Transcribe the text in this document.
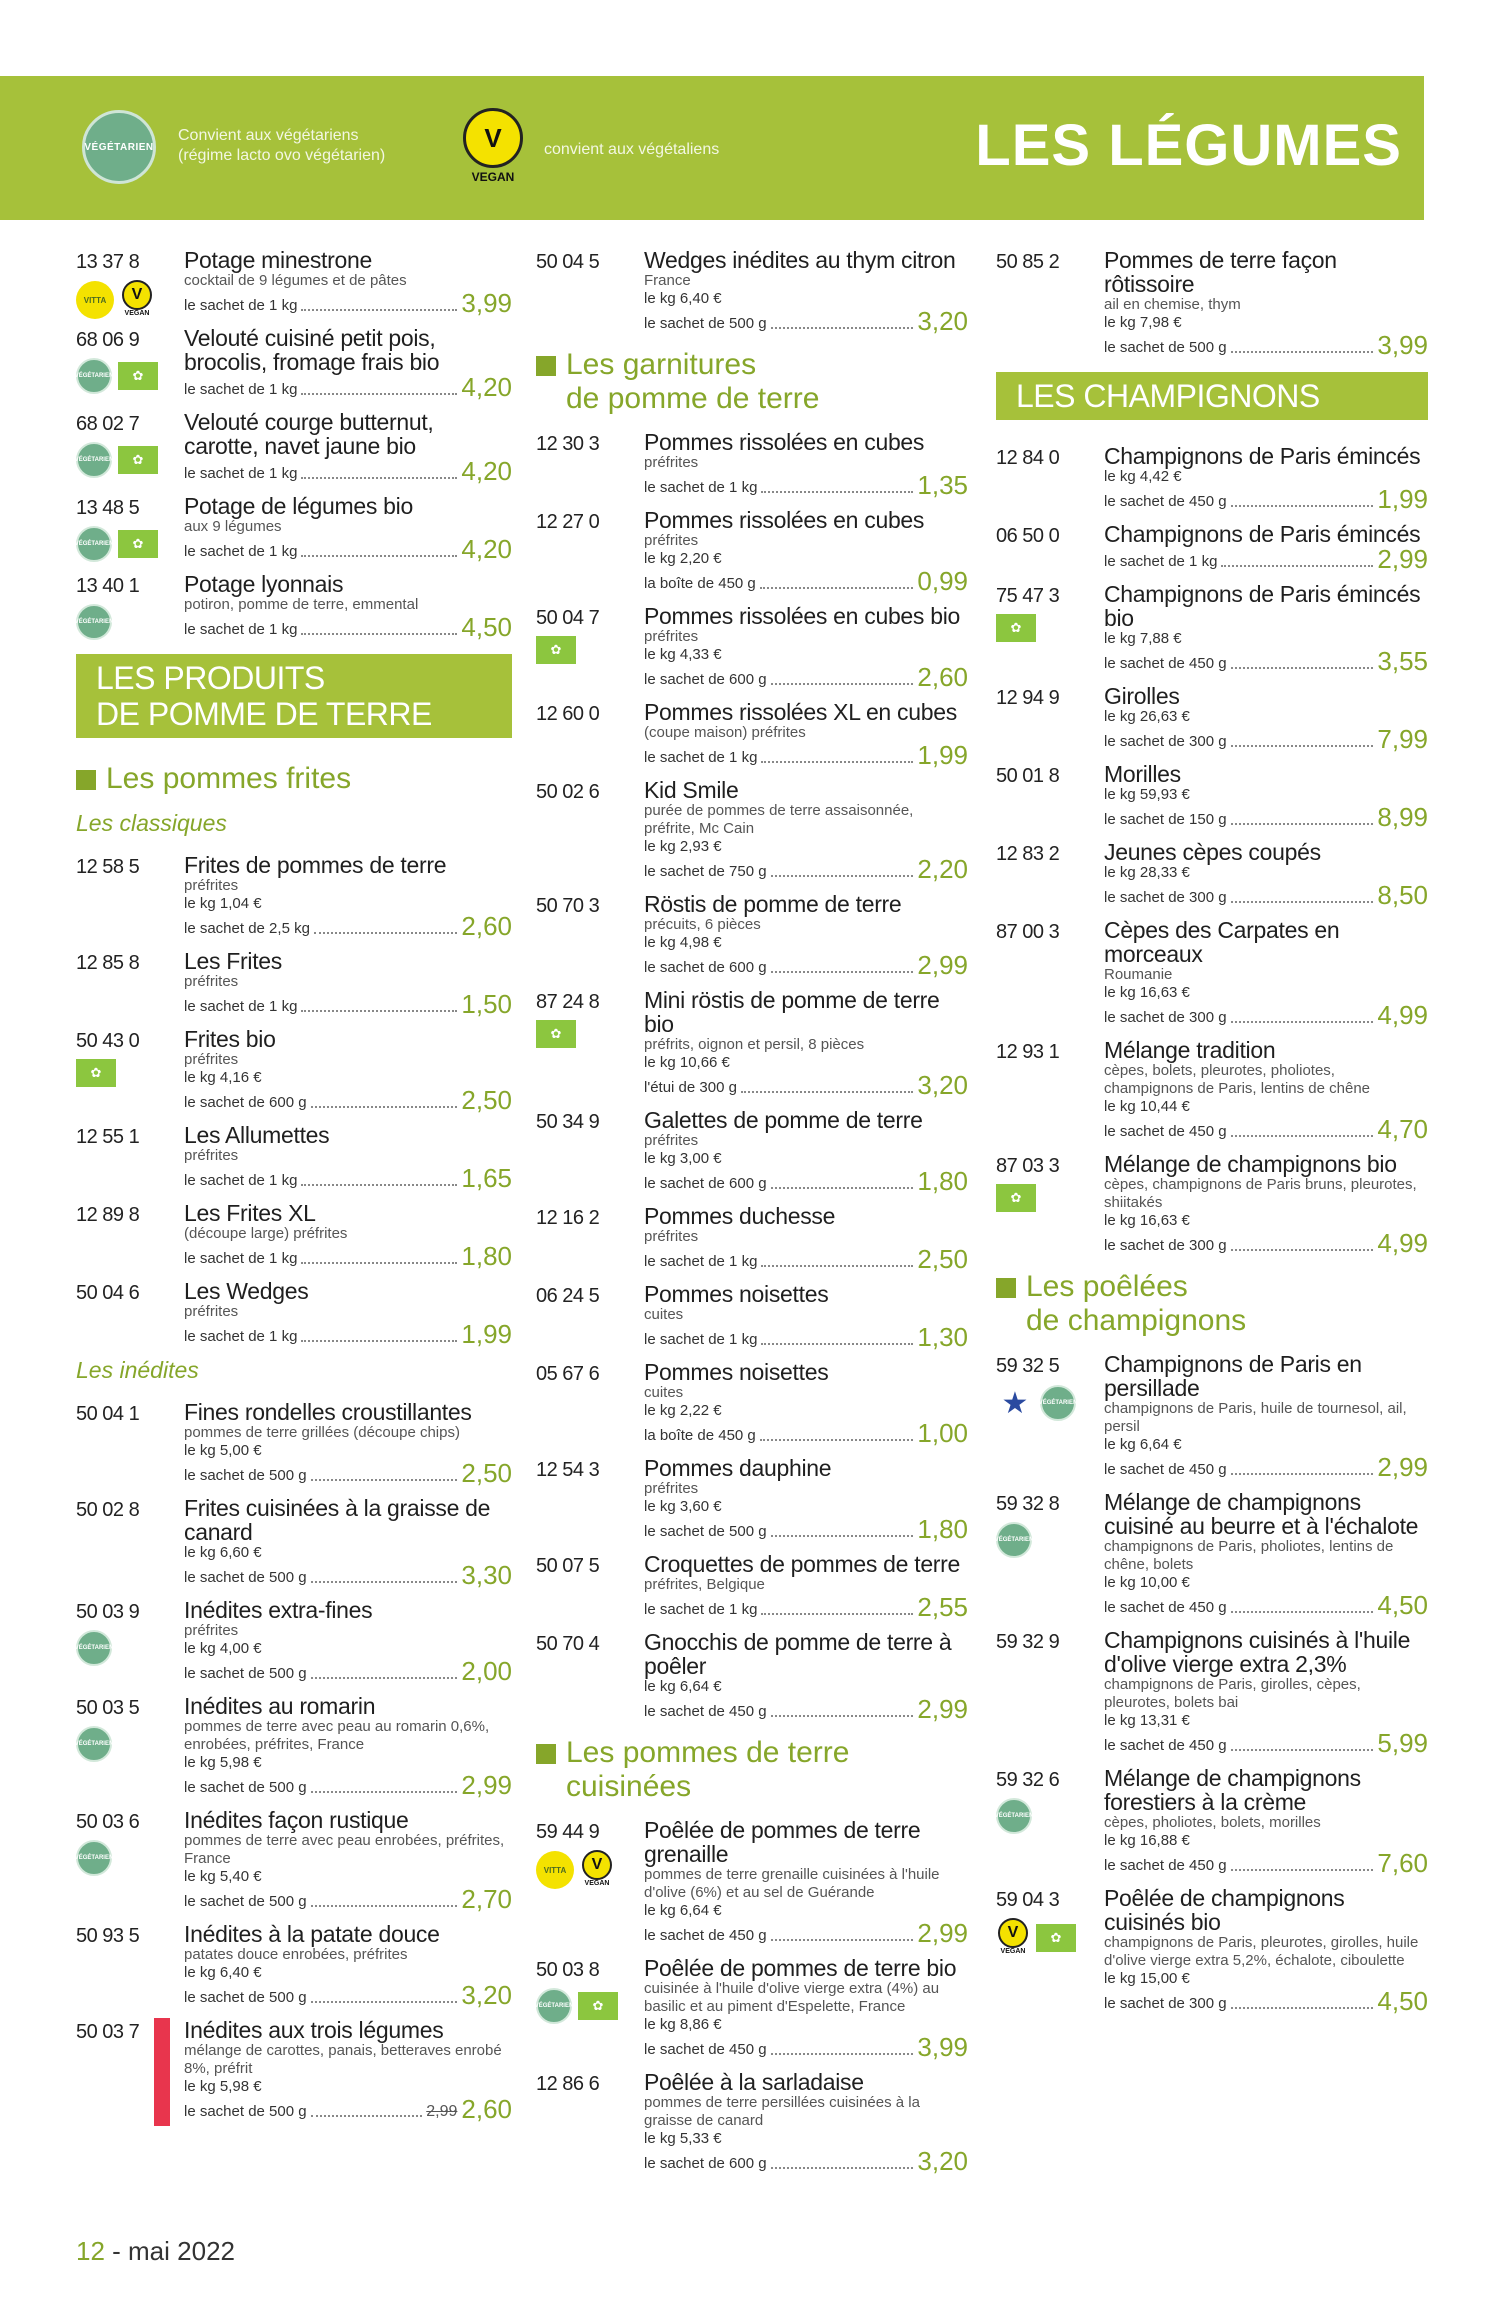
VÉGÉTARIEN
Convient aux végétariens
(régime lacto ovo végétarien)
V
VEGAN
convient aux végétaliens	LES LÉGUMES
13 37 8
VITTA	V
VEGAN
Potage minestrone
cocktail de 9 légumes et de pâtes
le sachet de 1 kg	3,99
68 06 9
VÉGÉTARIEN	✿
Velouté cuisiné petit pois, brocolis, fromage frais bio
le sachet de 1 kg	4,20
68 02 7
VÉGÉTARIEN	✿
Velouté courge butternut, carotte, navet jaune bio
le sachet de 1 kg	4,20
13 48 5
VÉGÉTARIEN	✿
Potage de légumes bio
aux 9 légumes
le sachet de 1 kg	4,20
13 40 1
VÉGÉTARIEN
Potage lyonnais
potiron, pomme de terre, emmental
le sachet de 1 kg	4,50
LES PRODUITS
DE POMME DE TERRE
Les pommes frites
Les classiques
12 58 5 Frites de pommes de terre
préfrites
le kg 1,04 €
le sachet de 2,5 kg	2,60
12 85 8 Les Frites
préfrites
le sachet de 1 kg	1,50
50 43 0
✿
Frites bio
préfrites
le kg 4,16 €
le sachet de 600 g	2,50
12 55 1 Les Allumettes
préfrites
le sachet de 1 kg	1,65
12 89 8 Les Frites XL
(découpe large) préfrites
le sachet de 1 kg	1,80
50 04 6 Les Wedges
préfrites
le sachet de 1 kg	1,99
Les inédites
50 04 1 Fines rondelles croustillantes
pommes de terre grillées (découpe chips)
le kg 5,00 €
le sachet de 500 g	2,50
50 02 8 Frites cuisinées à la graisse de canard
le kg 6,60 €
le sachet de 500 g	3,30
50 03 9
VÉGÉTARIEN
Inédites extra-fines
préfrites
le kg 4,00 €
le sachet de 500 g	2,00
50 03 5
VÉGÉTARIEN
Inédites au romarin
pommes de terre avec peau au romarin 0,6%, enrobées, préfrites, France
le kg 5,98 €
le sachet de 500 g	2,99
50 03 6
VÉGÉTARIEN
Inédites façon rustique
pommes de terre avec peau enrobées, préfrites, France
le kg 5,40 €
le sachet de 500 g	2,70
50 93 5 Inédites à la patate douce
patates douce enrobées, préfrites
le kg 6,40 €
le sachet de 500 g	3,20
50 03 7 Inédites aux trois légumes
mélange de carottes, panais, betteraves enrobé 8%, préfrit
le kg 5,98 €
le sachet de 500 g	2,99 2,60
50 04 5 Wedges inédites au thym citron
France
le kg 6,40 €
le sachet de 500 g	3,20
Les garnitures
de pomme de terre
12 30 3 Pommes rissolées en cubes
préfrites
le sachet de 1 kg	1,35
12 27 0 Pommes rissolées en cubes
préfrites
le kg 2,20 €
la boîte de 450 g	0,99
50 04 7
✿
Pommes rissolées en cubes bio
préfrites
le kg 4,33 €
le sachet de 600 g	2,60
12 60 0 Pommes rissolées XL en cubes
(coupe maison) préfrites
le sachet de 1 kg	1,99
50 02 6 Kid Smile
purée de pommes de terre assaisonnée, préfrite, Mc Cain
le kg 2,93 €
le sachet de 750 g	2,20
50 70 3 Röstis de pomme de terre
précuits, 6 pièces
le kg 4,98 €
le sachet de 600 g	2,99
87 24 8
✿
Mini röstis de pomme de terre bio
préfrits, oignon et persil, 8 pièces
le kg 10,66 €
l'étui de 300 g	3,20
50 34 9 Galettes de pomme de terre
préfrites
le kg 3,00 €
le sachet de 600 g	1,80
12 16 2 Pommes duchesse
préfrites
le sachet de 1 kg	2,50
06 24 5 Pommes noisettes
cuites
le sachet de 1 kg	1,30
05 67 6 Pommes noisettes
cuites
le kg 2,22 €
la boîte de 450 g	1,00
12 54 3 Pommes dauphine
préfrites
le kg 3,60 €
le sachet de 500 g	1,80
50 07 5 Croquettes de pommes de terre
préfrites, Belgique
le sachet de 1 kg	2,55
50 70 4 Gnocchis de pomme de terre à poêler
le kg 6,64 €
le sachet de 450 g	2,99
Les pommes de terre
cuisinées
59 44 9
VITTA	V
VEGAN
Poêlée de pommes de terre grenaille
pommes de terre grenaille cuisinées à l'huile d'olive (6%) et au sel de Guérande
le kg 6,64 €
le sachet de 450 g	2,99
50 03 8
VÉGÉTARIEN	✿
Poêlée de pommes de terre bio
cuisinée à l'huile d'olive vierge extra (4%) au basilic et au piment d'Espelette, France
le kg 8,86 €
le sachet de 450 g	3,99
12 86 6 Poêlée à la sarladaise
pommes de terre persillées cuisinées à la graisse de canard
le kg 5,33 €
le sachet de 600 g	3,20
50 85 2 Pommes de terre façon rôtissoire
ail en chemise, thym
le kg 7,98 €
le sachet de 500 g	3,99
LES CHAMPIGNONS
12 84 0 Champignons de Paris émincés
le kg 4,42 €
le sachet de 450 g	1,99
06 50 0 Champignons de Paris émincés
le sachet de 1 kg	2,99
75 47 3
✿
Champignons de Paris émincés bio
le kg 7,88 €
le sachet de 450 g	3,55
12 94 9 Girolles
le kg 26,63 €
le sachet de 300 g	7,99
50 01 8 Morilles
le kg 59,93 €
le sachet de 150 g	8,99
12 83 2 Jeunes cèpes coupés
le kg 28,33 €
le sachet de 300 g	8,50
87 00 3 Cèpes des Carpates en morceaux
Roumanie
le kg 16,63 €
le sachet de 300 g	4,99
12 93 1 Mélange tradition
cèpes, bolets, pleurotes, pholiotes, champignons de Paris, lentins de chêne
le kg 10,44 €
le sachet de 450 g	4,70
87 03 3
✿
Mélange de champignons bio
cèpes, champignons de Paris bruns, pleurotes, shiitakés
le kg 16,63 €
le sachet de 300 g	4,99
Les poêlées
de champignons
59 32 5
★	VÉGÉTARIEN
Champignons de Paris en persillade
champignons de Paris, huile de tournesol, ail, persil
le kg 6,64 €
le sachet de 450 g	2,99
59 32 8
VÉGÉTARIEN
Mélange de champignons cuisiné au beurre et à l'échalote
champignons de Paris, pholiotes, lentins de chêne, bolets
le kg 10,00 €
le sachet de 450 g	4,50
59 32 9 Champignons cuisinés à l'huile d'olive vierge extra 2,3%
champignons de Paris, girolles, cèpes, pleurotes, bolets bai
le kg 13,31 €
le sachet de 450 g	5,99
59 32 6
VÉGÉTARIEN
Mélange de champignons forestiers à la crème
cèpes, pholiotes, bolets, morilles
le kg 16,88 €
le sachet de 450 g	7,60
59 04 3
V
VEGAN
✿
Poêlée de champignons cuisinés bio
champignons de Paris, pleurotes, girolles, huile d'olive vierge extra 5,2%, échalote, ciboulette
le kg 15,00 €
le sachet de 300 g	4,50
12 - mai 2022
